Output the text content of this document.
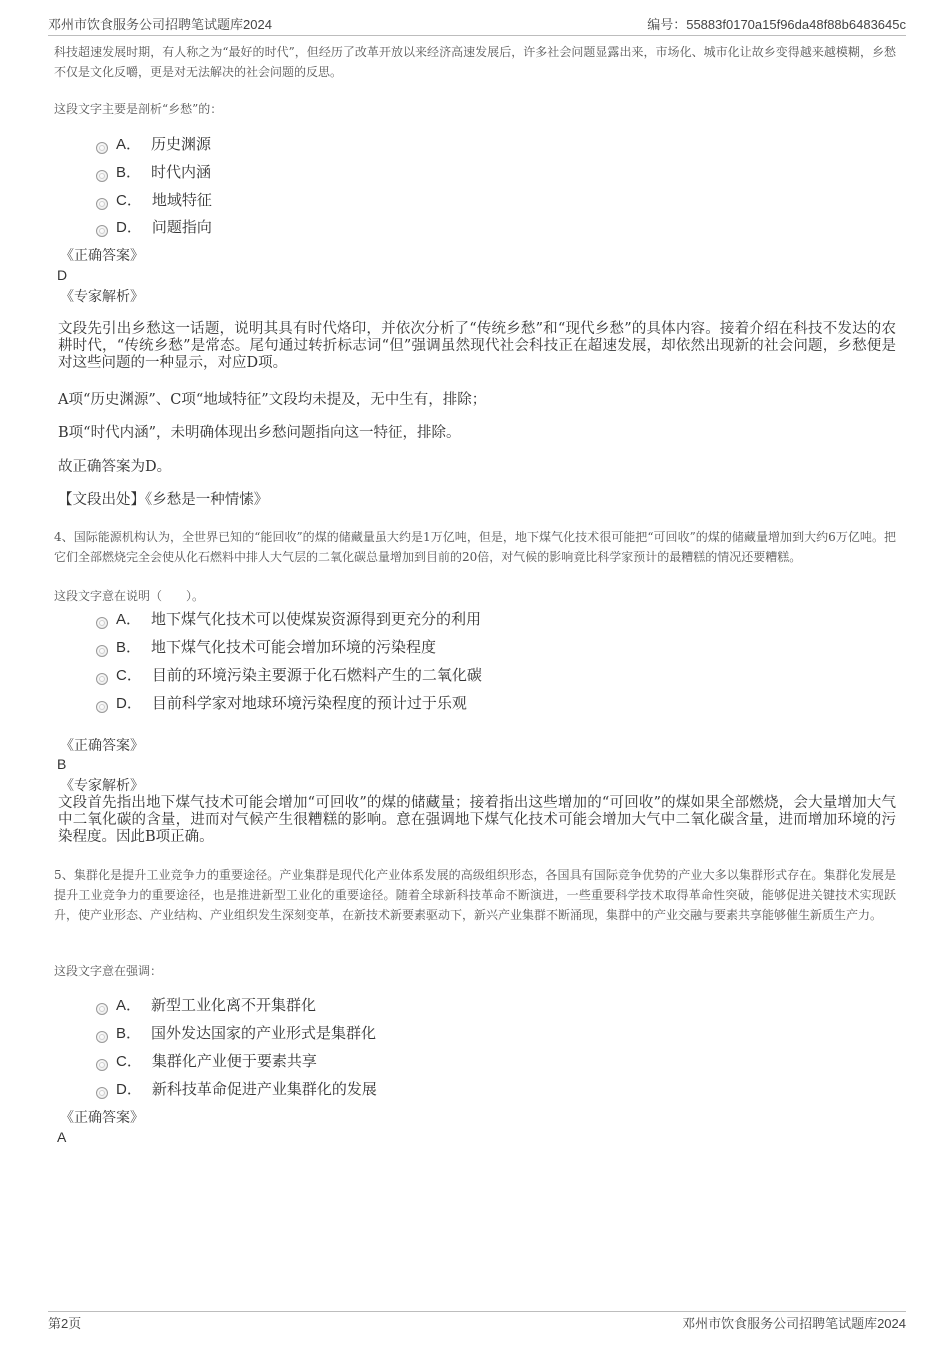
邓州市饮食服务公司招聘笔试题库2024	编号：55883f0170a15f96da48f88b6483645c
科技超速发展时期，有人称之为“最好的时代”，但经历了改革开放以来经济高速发展后，许多社会问题显露出来，市场化、城市化让故乡变得越来越模糊，乡愁不仅是文化反嚼，更是对无法解决的社会问题的反思。
这段文字主要是剖析“乡愁”的：
A． 历史渊源
B． 时代内涵
C． 地域特征
D． 问题指向
《正确答案》
D
《专家解析》
文段先引出乡愁这一话题，说明其具有时代烙印，并依次分析了“传统乡愁”和“现代乡愁”的具体内容。接着介绍在科技不发达的农耕时代，“传统乡愁”是常态。尾句通过转折标志词“但”强调虽然现代社会科技正在超速发展，却依然出现新的社会问题，乡愁便是对这些问题的一种显示，对应D项。
A项“历史渊源”、C项“地域特征”文段均未提及，无中生有，排除；
B项“时代内涵”，未明确体现出乡愁问题指向这一特征，排除。
故正确答案为D。
【文段出处】《乡愁是一种情愫》
4、国际能源机构认为，全世界已知的“能回收”的煤的储藏量虽大约是1万亿吨，但是，地下煤气化技术很可能把“可回收”的煤的储藏量增加到大约6万亿吨。把它们全部燃烧完全会使从化石燃料中排人大气层的二氧化碳总量增加到目前的20倍，对气候的影响竟比科学家预计的最糟糕的情况还要糟糕。
这段文字意在说明（　　）。
A． 地下煤气化技术可以使煤炭资源得到更充分的利用
B． 地下煤气化技术可能会增加环境的污染程度
C． 目前的环境污染主要源于化石燃料产生的二氧化碳
D． 目前科学家对地球环境污染程度的预计过于乐观
《正确答案》
B
《专家解析》
文段首先指出地下煤气技术可能会增加“可回收”的煤的储藏量；接着指出这些增加的“可回收”的煤如果全部燃烧，会大量增加大气中二氧化碳的含量，进而对气候产生很糟糕的影响。意在强调地下煤气化技术可能会增加大气中二氧化碳含量，进而增加环境的污染程度。因此B项正确。
5、集群化是提升工业竞争力的重要途径。产业集群是现代化产业体系发展的高级组织形态，各国具有国际竞争优势的产业大多以集群形式存在。集群化发展是提升工业竞争力的重要途径，也是推进新型工业化的重要途径。随着全球新科技革命不断演进，一些重要科学技术取得革命性突破，能够促进关键技术实现跃升，使产业形态、产业结构、产业组织发生深刻变革，在新技术新要素驱动下，新兴产业集群不断涌现，集群中的产业交融与要素共享能够催生新质生产力。
这段文字意在强调：
A． 新型工业化离不开集群化
B． 国外发达国家的产业形式是集群化
C． 集群化产业便于要素共享
D． 新科技革命促进产业集群化的发展
《正确答案》
A
第2页	邓州市饮食服务公司招聘笔试题库2024
